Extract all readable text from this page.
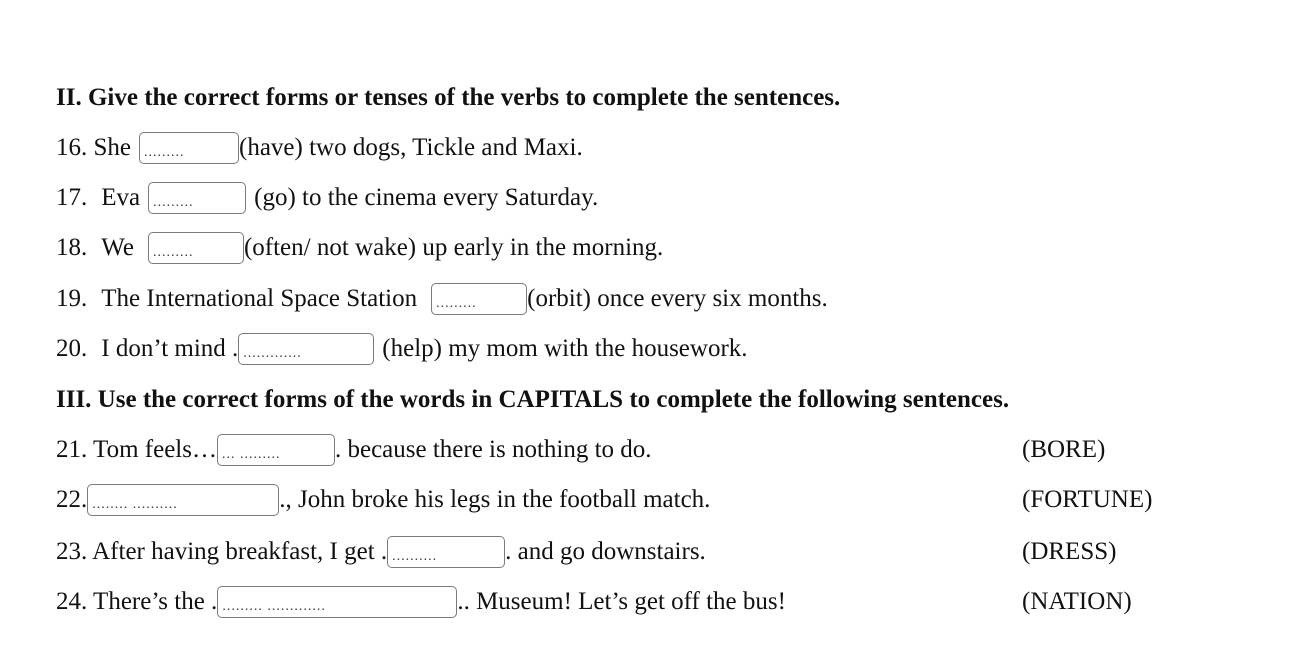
II. Give the correct forms or tenses of the verbs to complete the sentences.
16. She .........	(have) two dogs, Tickle and Maxi.
17. Eva .........	(go) to the cinema every Saturday.
18. We .........	(often/ not wake) up early in the morning.
19. The International Space Station .........	(orbit) once every six months.
20. I don’t mind . .............	(help) my mom with the housework.
III. Use the correct forms of the words in CAPITALS to complete the following sentences.
21. Tom feels… ... .........	. because there is nothing to do.	(BORE)
22. ........ ..........	., John broke his legs in the football match.	(FORTUNE)
23. After having breakfast, I get . ..........	. and go downstairs.	(DRESS)
24. There’s the . ......... .............	.. Museum! Let’s get off the bus!	(NATION)
